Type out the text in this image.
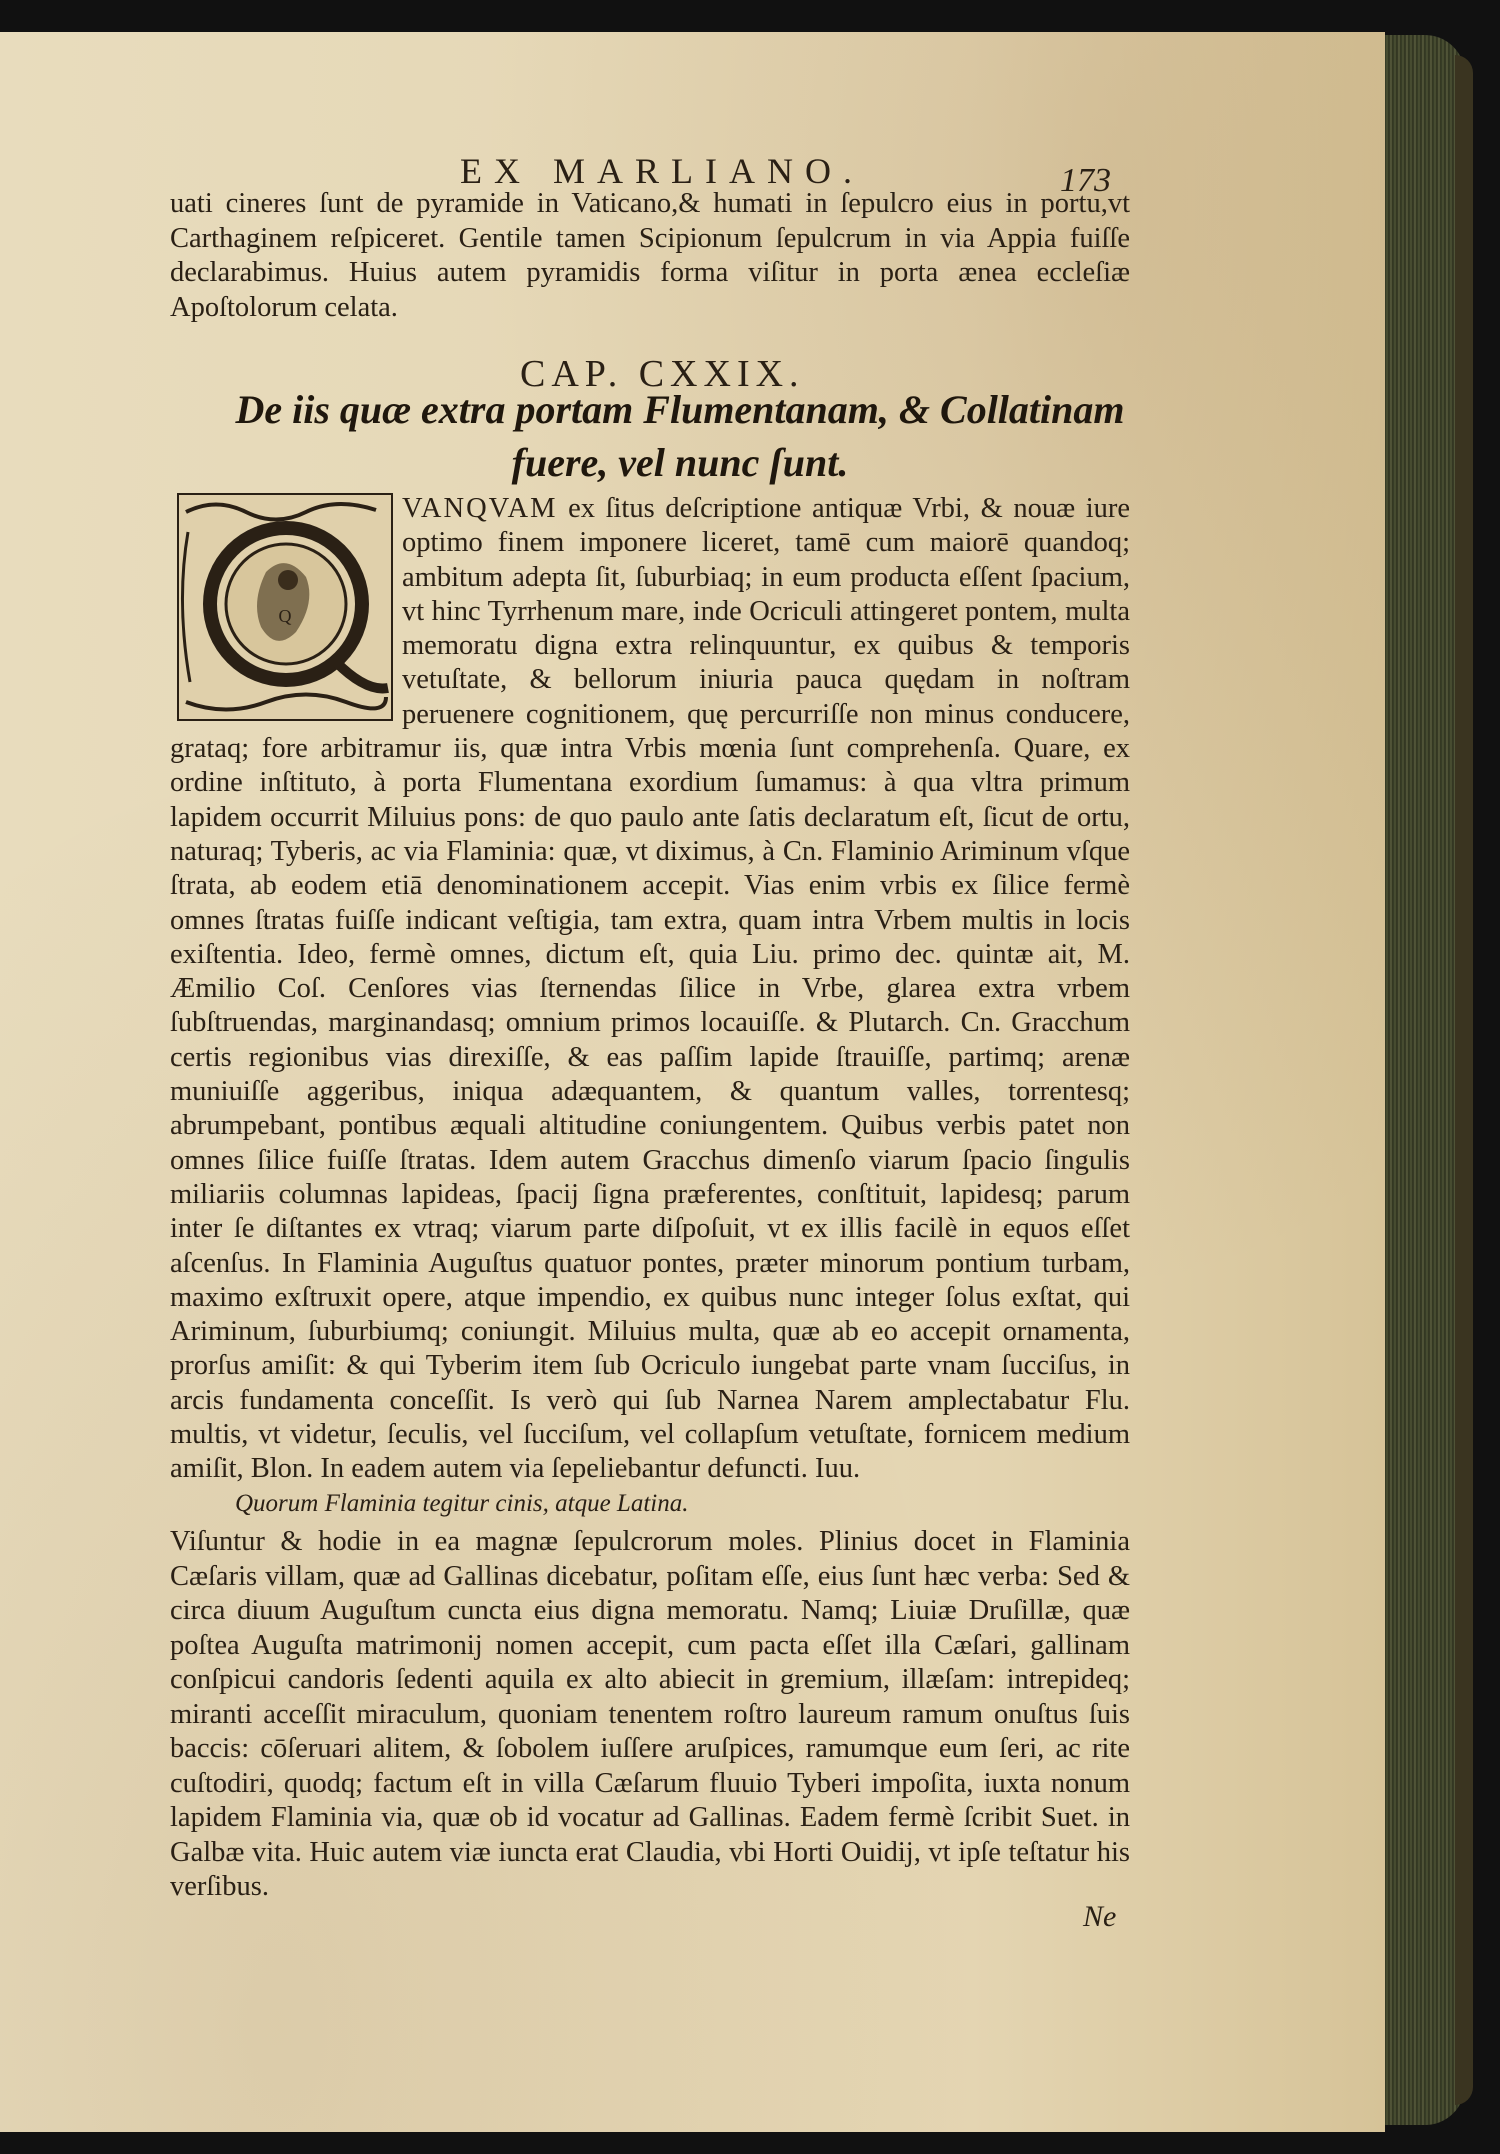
EX MARLIANO.	173
uati cineres ſunt de pyramide in Vaticano,& humati in ſepulcro eius in portu,vt Carthaginem reſpiceret. Gentile tamen Scipionum ſepulcrum in via Appia fuiſſe declarabimus. Huius autem pyramidis forma viſitur in porta ænea eccleſiæ Apoſtolorum celata.
CAP. CXXIX.
De iis quæ extra portam Flumentanam, & Collatinam
fuere, vel nunc ſunt.
Q
VANQVAM ex ſitus deſcriptione antiquæ Vrbi, & nouæ iure optimo finem imponere liceret, tamē cum maiorē quandoq; ambitum adepta ſit, ſuburbiaq; in eum producta eſſent ſpacium, vt hinc Tyrrhenum mare, inde Ocriculi attingeret pontem, multa memoratu digna extra relinquuntur, ex quibus & temporis vetuſtate, & bellorum iniuria pauca quędam in noſtram peruenere cognitionem, quę percurriſſe non minus conducere, grataq; fore arbitramur iis, quæ intra Vrbis mœnia ſunt comprehenſa. Quare, ex ordine inſtituto, à porta Flumentana exordium ſumamus: à qua vltra primum lapidem occurrit Miluius pons: de quo paulo ante ſatis declaratum eſt, ſicut de ortu, naturaq; Tyberis, ac via Flaminia: quæ, vt diximus, à Cn. Flaminio Ariminum vſque ſtrata, ab eodem etiā denominationem accepit. Vias enim vrbis ex ſilice fermè omnes ſtratas fuiſſe indicant veſtigia, tam extra, quam intra Vrbem multis in locis exiſtentia. Ideo, fermè omnes, dictum eſt, quia Liu. primo dec. quintæ ait, M. Æmilio Coſ. Cenſores vias ſternendas ſilice in Vrbe, glarea extra vrbem ſubſtruendas, marginandasq; omnium primos locauiſſe. & Plutarch. Cn. Gracchum certis regionibus vias direxiſſe, & eas paſſim lapide ſtrauiſſe, partimq; arenæ muniuiſſe aggeribus, iniqua adæquantem, & quantum valles, torrentesq; abrumpebant, pontibus æquali altitudine coniungentem. Quibus verbis patet non omnes ſilice fuiſſe ſtratas. Idem autem Gracchus dimenſo viarum ſpacio ſingulis miliariis columnas lapideas, ſpacij ſigna præferentes, conſtituit, lapidesq; parum inter ſe diſtantes ex vtraq; viarum parte diſpoſuit, vt ex illis facilè in equos eſſet aſcenſus. In Flaminia Auguſtus quatuor pontes, præter minorum pontium turbam, maximo exſtruxit opere, atque impendio, ex quibus nunc integer ſolus exſtat, qui Ariminum, ſuburbiumq; coniungit. Miluius multa, quæ ab eo accepit ornamenta, prorſus amiſit: & qui Tyberim item ſub Ocriculo iungebat parte vnam ſucciſus, in arcis fundamenta conceſſit. Is verò qui ſub Narnea Narem amplectabatur Flu. multis, vt videtur, ſeculis, vel ſucciſum, vel collapſum vetuſtate, fornicem medium amiſit, Blon. In eadem autem via ſepeliebantur defuncti. Iuu.
Quorum Flaminia tegitur cinis, atque Latina.
Viſuntur & hodie in ea magnæ ſepulcrorum moles. Plinius docet in Flaminia Cæſaris villam, quæ ad Gallinas dicebatur, poſitam eſſe, eius ſunt hæc verba: Sed & circa diuum Auguſtum cuncta eius digna memoratu. Namq; Liuiæ Druſillæ, quæ poſtea Auguſta matrimonij nomen accepit, cum pacta eſſet illa Cæſari, gallinam conſpicui candoris ſedenti aquila ex alto abiecit in gremium, illæſam: intrepideq; miranti acceſſit miraculum, quoniam tenentem roſtro laureum ramum onuſtus ſuis baccis: cōſeruari alitem, & ſobolem iuſſere aruſpices, ramumque eum ſeri, ac rite cuſtodiri, quodq; factum eſt in villa Cæſarum fluuio Tyberi impoſita, iuxta nonum lapidem Flaminia via, quæ ob id vocatur ad Gallinas. Eadem fermè ſcribit Suet. in Galbæ vita. Huic autem viæ iuncta erat Claudia, vbi Horti Ouidij, vt ipſe teſtatur his verſibus.
Ne
